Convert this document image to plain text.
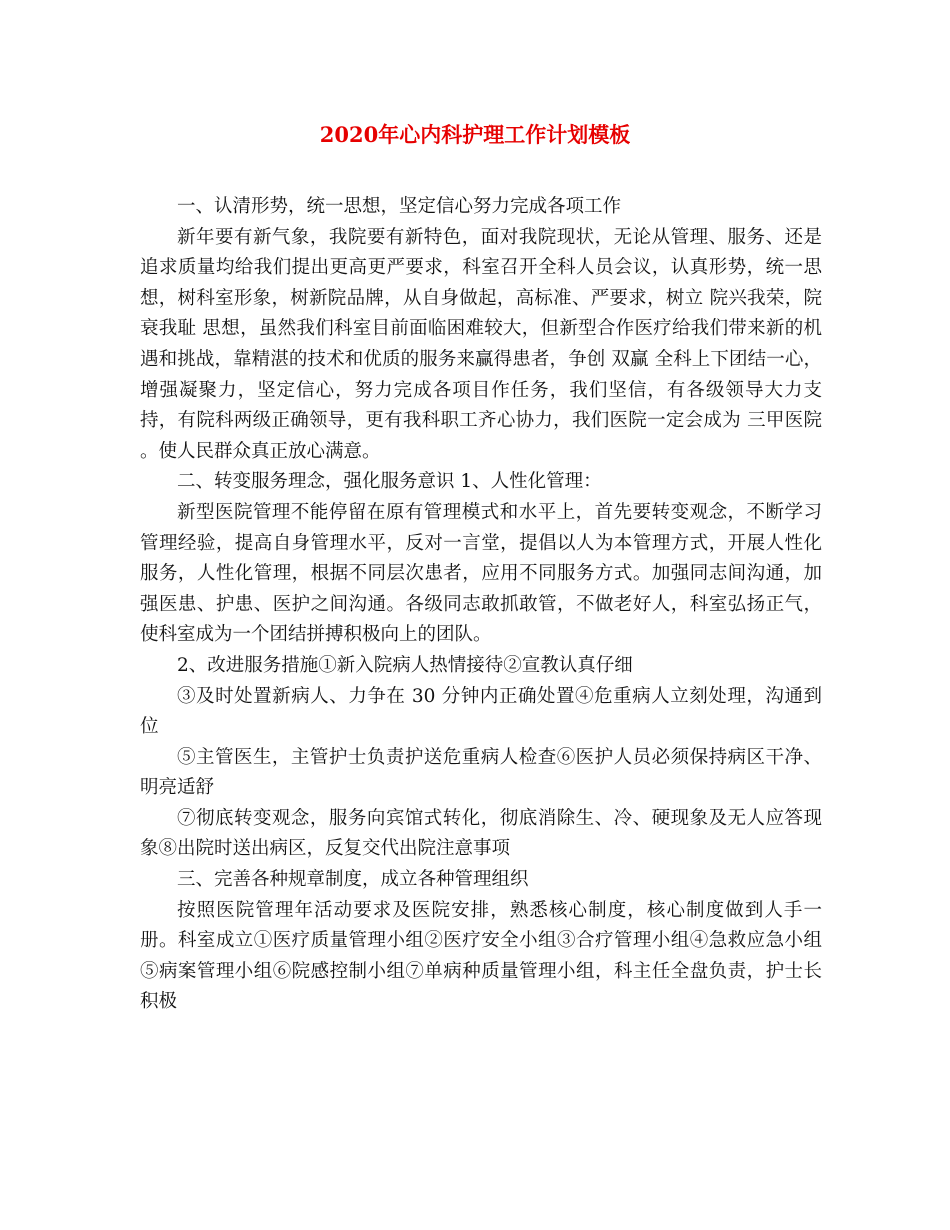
2020年心内科护理工作计划模板

一、认清形势，统一思想，坚定信心努力完成各项工作

新年要有新气象，我院要有新特色，面对我院现状，无论从管理、服务、还是追求质量均给我们提出更高更严要求，科室召开全科人员会议，认真形势，统一思想，树科室形象，树新院品牌，从自身做起，高标准、严要求，树立 院兴我荣，院衰我耻 思想，虽然我们科室目前面临困难较大，但新型合作医疗给我们带来新的机遇和挑战，靠精湛的技术和优质的服务来赢得患者，争创 双赢 全科上下团结一心，增强凝聚力，坚定信心，努力完成各项目作任务，我们坚信，有各级领导大力支持，有院科两级正确领导，更有我科职工齐心协力，我们医院一定会成为 三甲医院 。使人民群众真正放心满意。

二、转变服务理念，强化服务意识 1、人性化管理：

新型医院管理不能停留在原有管理模式和水平上，首先要转变观念，不断学习管理经验，提高自身管理水平，反对一言堂，提倡以人为本管理方式，开展人性化服务，人性化管理，根据不同层次患者，应用不同服务方式。加强同志间沟通，加强医患、护患、医护之间沟通。各级同志敢抓敢管，不做老好人，科室弘扬正气，使科室成为一个团结拼搏积极向上的团队。

2、改进服务措施①新入院病人热情接待②宣教认真仔细

③及时处置新病人、力争在 30 分钟内正确处置④危重病人立刻处理，沟通到位

⑤主管医生，主管护士负责护送危重病人检查⑥医护人员必须保持病区干净、明亮适舒

⑦彻底转变观念，服务向宾馆式转化，彻底消除生、冷、硬现象及无人应答现象⑧出院时送出病区，反复交代出院注意事项

三、完善各种规章制度，成立各种管理组织

按照医院管理年活动要求及医院安排，熟悉核心制度，核心制度做到人手一册。科室成立①医疗质量管理小组②医疗安全小组③合疗管理小组④急救应急小组⑤病案管理小组⑥院感控制小组⑦单病种质量管理小组，科主任全盘负责，护士长积极
